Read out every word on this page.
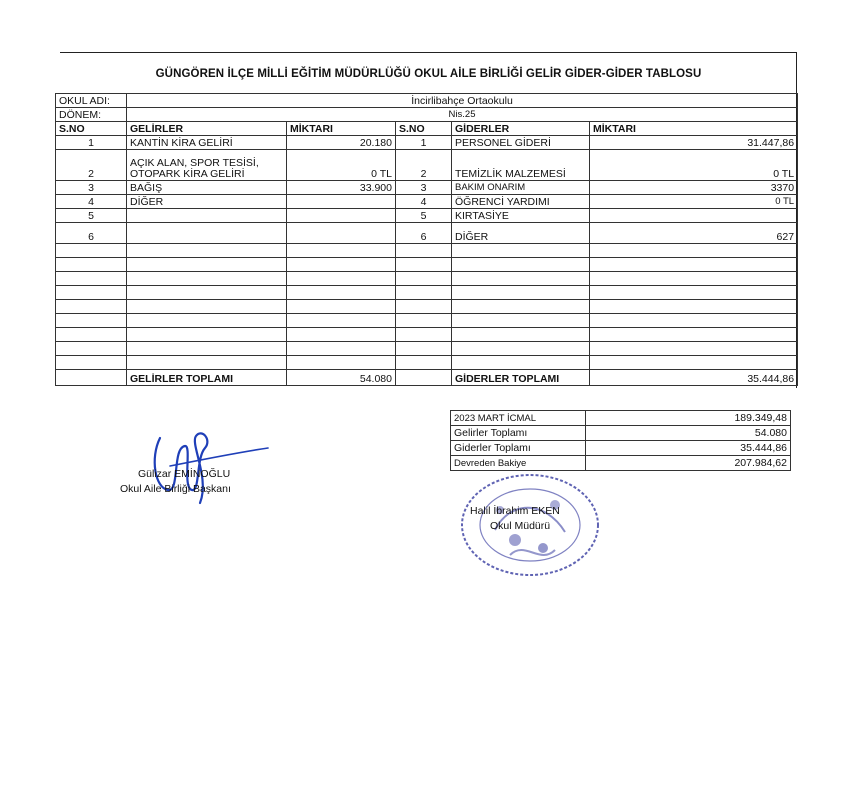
GÜNGÖREN İLÇE MİLLİ EĞİTİM MÜDÜRLÜĞÜ OKUL AİLE BİRLİĞİ GELİR GİDER-GİDER TABLOSU
OKUL ADI:	İncirlibahçe Ortaokulu				
DÖNEM:	Nis.25				
S.NO	GELİRLER	MİKTARI	S.NO	GİDERLER	MİKTARI
1	KANTİN KİRA GELİRİ	20.180	1	PERSONEL GİDERİ	31.447,86
2	AÇIK ALAN, SPOR TESİSİ, OTOPARK KİRA GELİRİ	0 TL	2	TEMİZLİK MALZEMESİ	0 TL
3	BAĞIŞ	33.900	3	BAKIM ONARIM	3370
4	DİĞER		4	ÖĞRENCİ YARDIMI	0 TL
5			5	KIRTASİYE	
6			6	DİĞER	627

	GELİRLER TOPLAMI	54.080		GİDERLER TOPLAMI	35.444,86
2023 MART İCMAL	189.349,48
Gelirler Toplamı	54.080
Giderler Toplamı	35.444,86
Devreden Bakiye	207.984,62
Gülizar EMİNOĞLU
Okul Aile Birliği Başkanı
Halil İbrahim EKEN
Okul Müdürü
